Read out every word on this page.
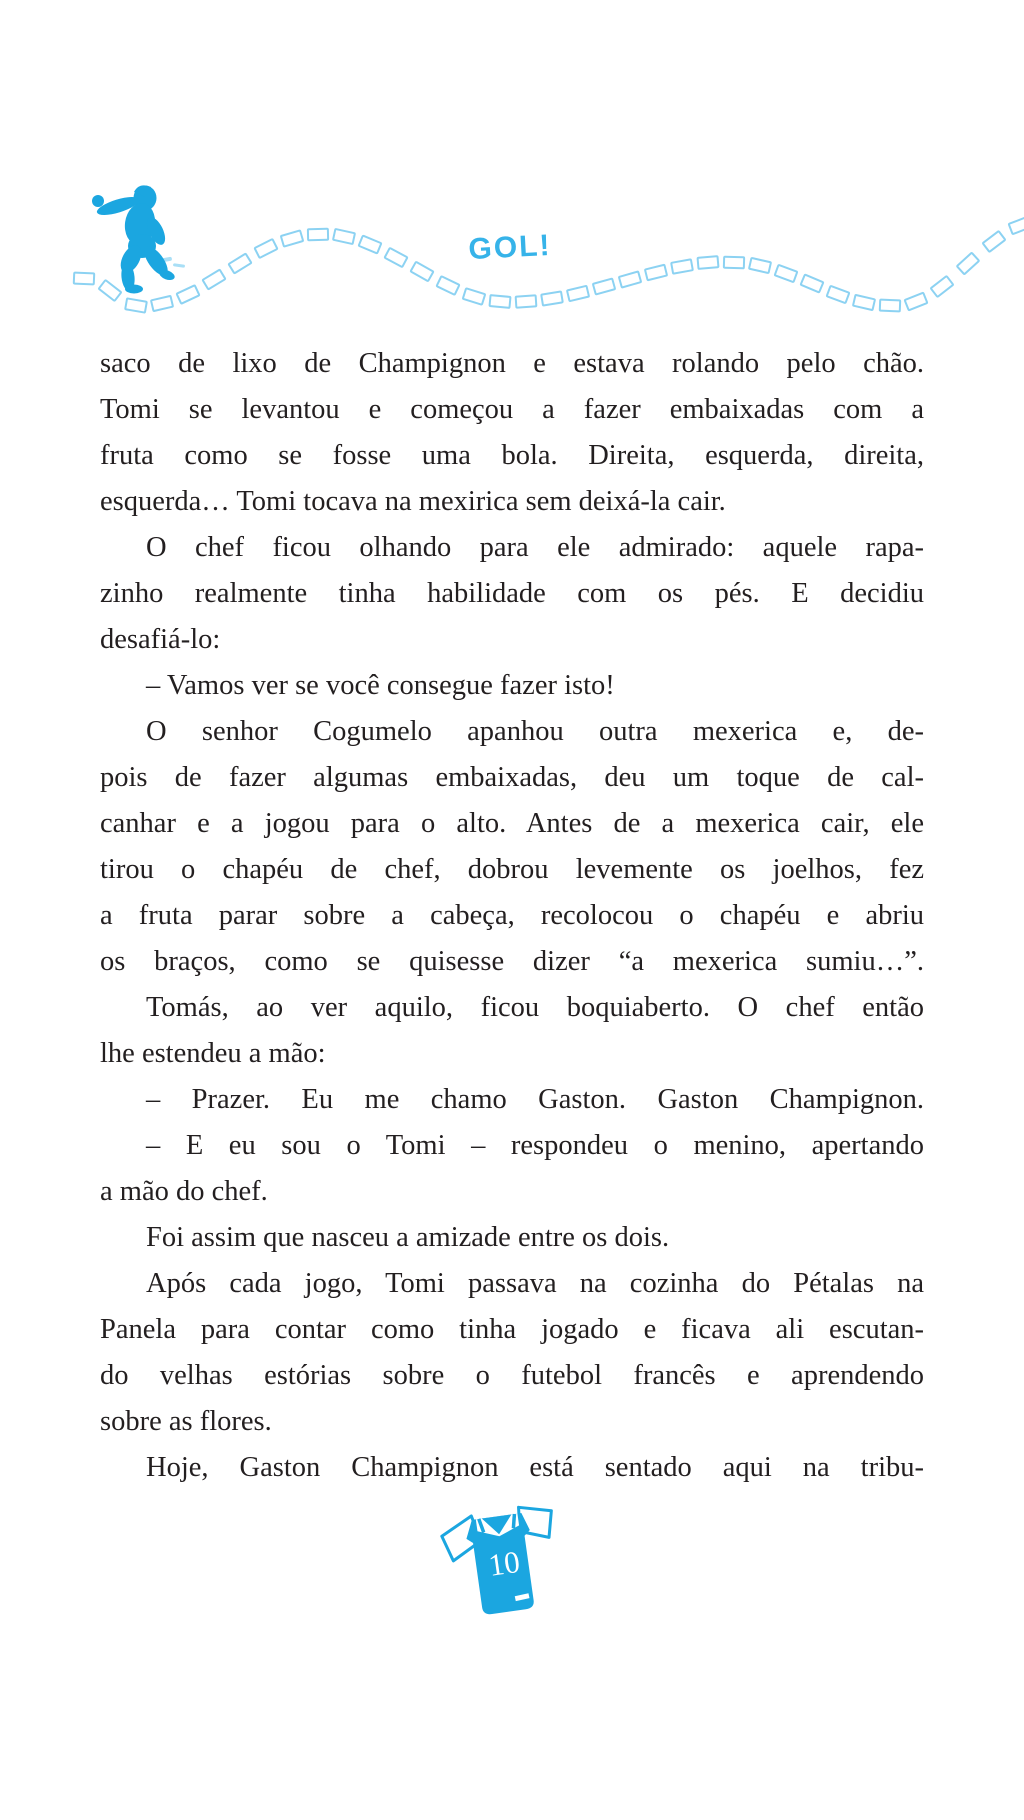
GOL!
saco de lixo de Champignon e estava rolando pelo chão.
Tomi se levantou e começou a fazer embaixadas com a
fruta como se fosse uma bola. Direita, esquerda, direita,
esquerda… Tomi tocava na mexirica sem deixá-la cair.
O chef ficou olhando para ele admirado: aquele rapa-
zinho realmente tinha habilidade com os pés. E decidiu
desafiá-lo:
– Vamos ver se você consegue fazer isto!
O senhor Cogumelo apanhou outra mexerica e, de-
pois de fazer algumas embaixadas, deu um toque de cal-
canhar e a jogou para o alto. Antes de a mexerica cair, ele
tirou o chapéu de chef, dobrou levemente os joelhos, fez
a fruta parar sobre a cabeça, recolocou o chapéu e abriu
os braços, como se quisesse dizer “a mexerica sumiu…”.
Tomás, ao ver aquilo, ficou boquiaberto. O chef então
lhe estendeu a mão:
– Prazer. Eu me chamo Gaston. Gaston Champignon.
– E eu sou o Tomi – respondeu o menino, apertando
a mão do chef.
Foi assim que nasceu a amizade entre os dois.
Após cada jogo, Tomi passava na cozinha do Pétalas na
Panela para contar como tinha jogado e ficava ali escutan-
do velhas estórias sobre o futebol francês e aprendendo
sobre as flores.
Hoje, Gaston Champignon está sentado aqui na tribu-
10
